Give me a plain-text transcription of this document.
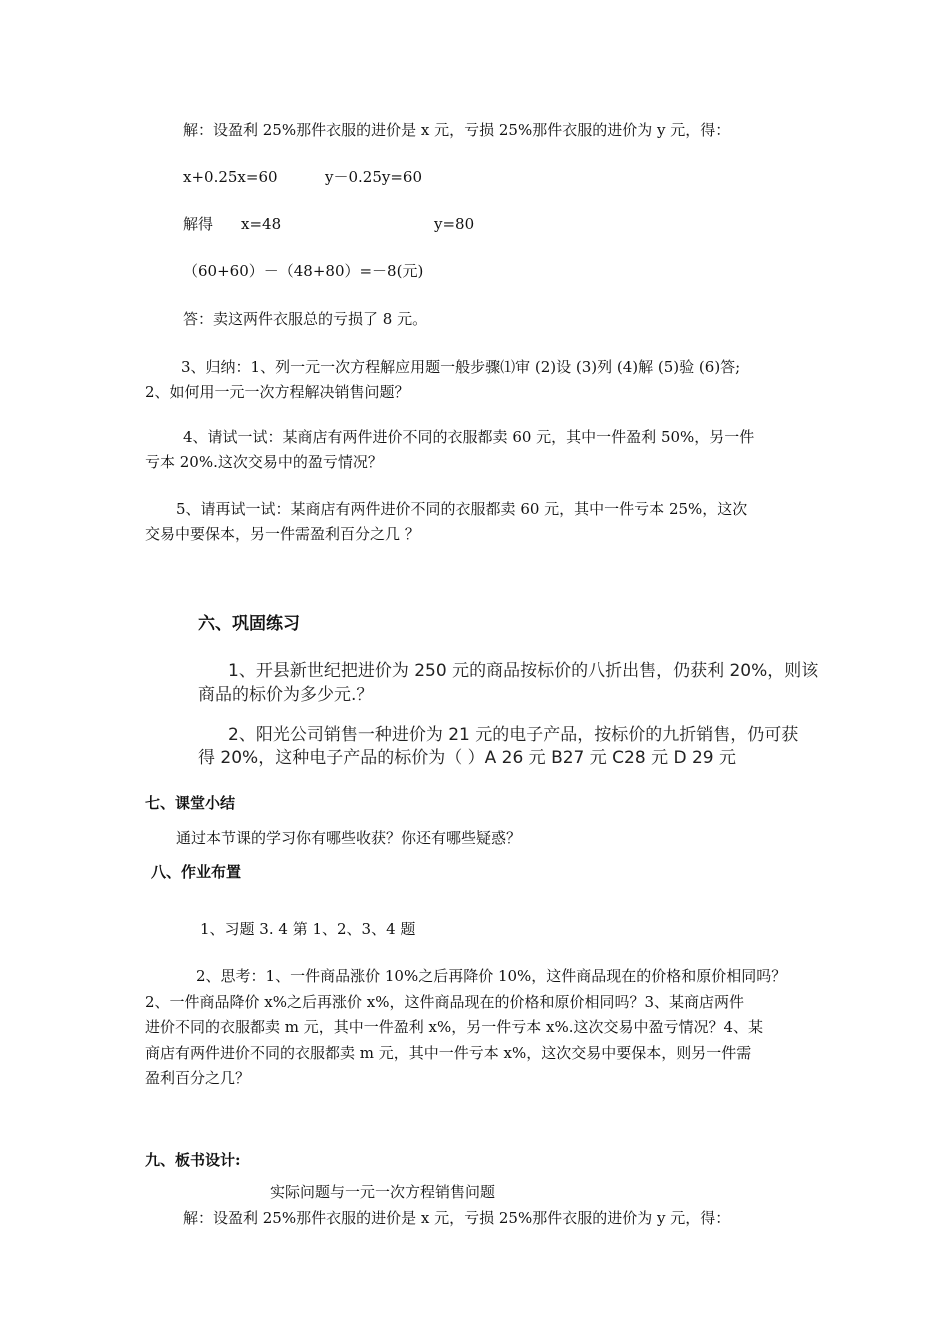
解：设盈利 25%那件衣服的进价是 x 元，亏损 25%那件衣服的进价为 y 元，得：
x+0.25x=60	y－0.25y=60
解得 x=48	y=80
（60+60）－（48+80）=－8(元)
答：卖这两件衣服总的亏损了 8 元。
3、归纳：1、列一元一次方程解应用题一般步骤⑴审 (2)设 (3)列 (4)解 (5)验 (6)答;
2、如何用一元一次方程解决销售问题？
4、请试一试：某商店有两件进价不同的衣服都卖 60 元，其中一件盈利 50%，另一件
亏本 20%.这次交易中的盈亏情况？
5、请再试一试：某商店有两件进价不同的衣服都卖 60 元，其中一件亏本 25%，这次
交易中要保本，另一件需盈利百分之几 ？
六、巩固练习
1、开县新世纪把进价为 250 元的商品按标价的八折出售，仍获利 20%，则该
商品的标价为多少元.？
2、阳光公司销售一种进价为 21 元的电子产品，按标价的九折销售，仍可获
得 20%，这种电子产品的标价为（ ）A 26 元 B27 元 C28 元 D 29 元
七、课堂小结
通过本节课的学习你有哪些收获？你还有哪些疑惑？
八、作业布置
1、习题 3. 4 第 1、2、3、4 题
2、思考：1、一件商品涨价 10%之后再降价 10%，这件商品现在的价格和原价相同吗？
2、一件商品降价 x%之后再涨价 x%，这件商品现在的价格和原价相同吗？3、某商店两件
进价不同的衣服都卖 m 元，其中一件盈利 x%，另一件亏本 x%.这次交易中盈亏情况？4、某
商店有两件进价不同的衣服都卖 m 元，其中一件亏本 x%，这次交易中要保本，则另一件需
盈利百分之几？
九、板书设计:
实际问题与一元一次方程销售问题
解：设盈利 25%那件衣服的进价是 x 元，亏损 25%那件衣服的进价为 y 元，得：
